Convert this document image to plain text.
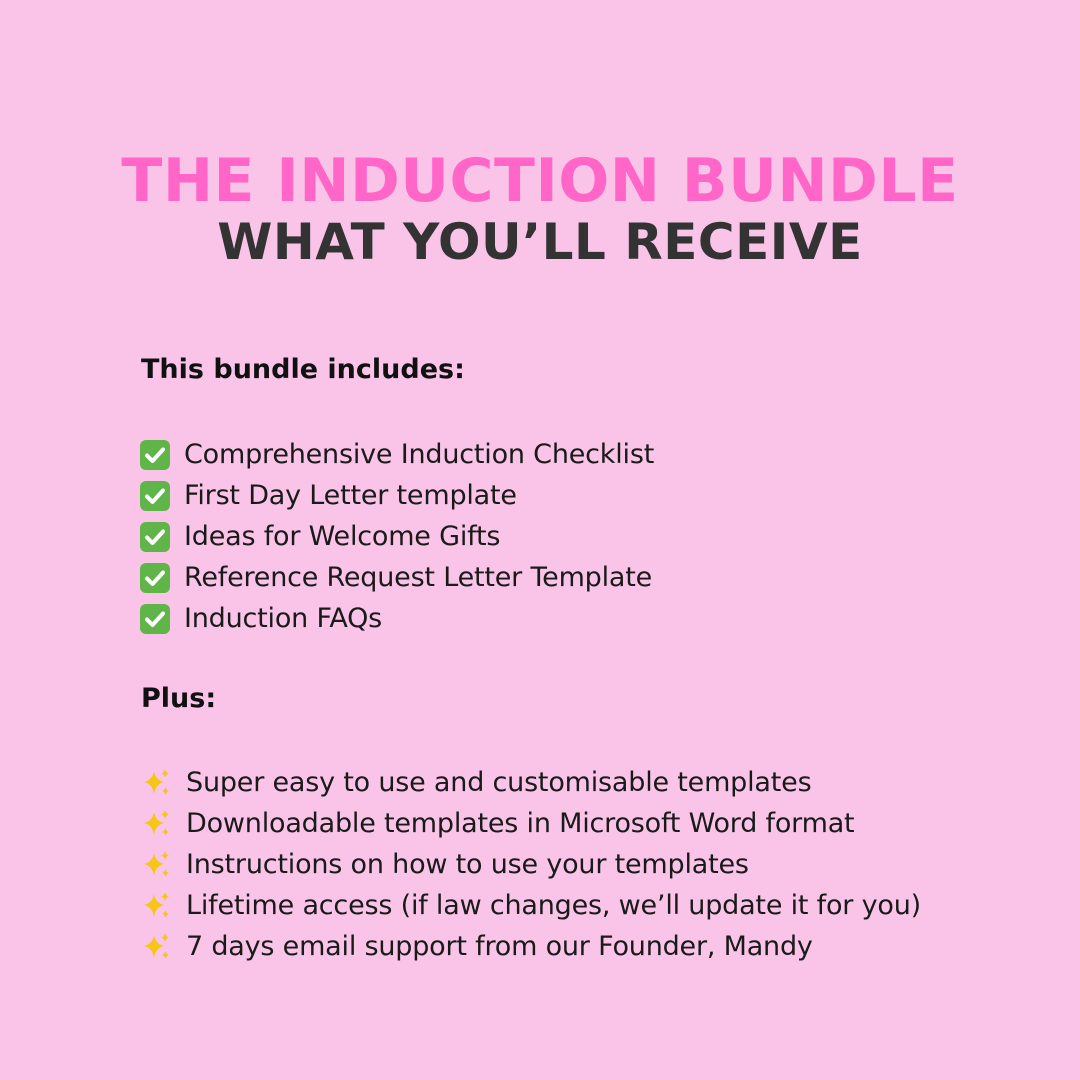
THE INDUCTION BUNDLE
WHAT YOU’LL RECEIVE
This bundle includes:
Comprehensive Induction Checklist
First Day Letter template
Ideas for Welcome Gifts
Reference Request Letter Template
Induction FAQs
Plus:
Super easy to use and customisable templates
Downloadable templates in Microsoft Word format
Instructions on how to use your templates
Lifetime access (if law changes, we’ll update it for you)
7 days email support from our Founder, Mandy
